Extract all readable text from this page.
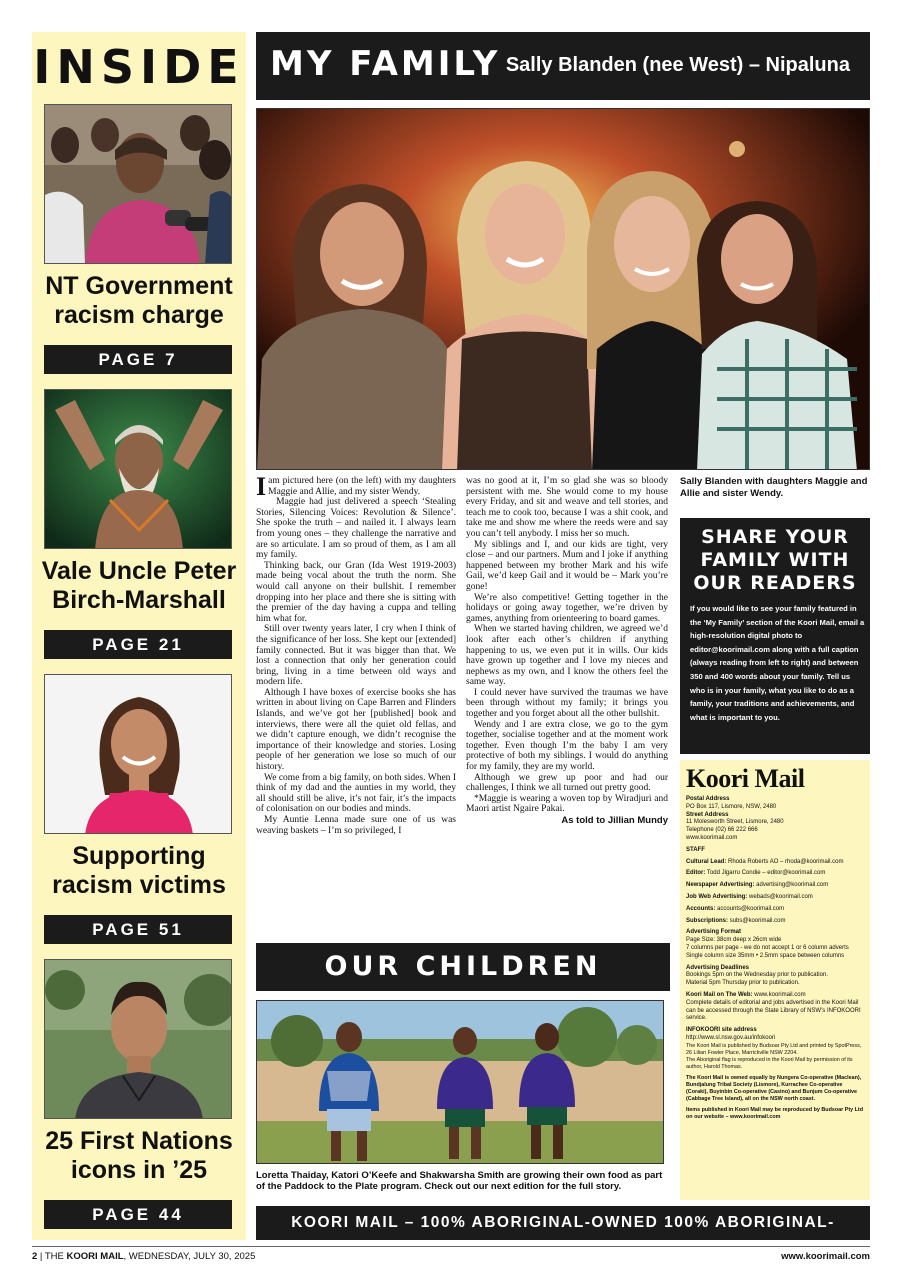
INSIDE
NT Government racism charge
PAGE 7
Vale Uncle Peter Birch-Marshall
PAGE 21
Supporting racism victims
PAGE 51
25 First Nations icons in ’25
PAGE 44
MY FAMILY Sally Blanden (nee West) – Nipaluna
Sally Blanden with daughters Maggie and Allie and sister Wendy.

Iam pictured here (on the left) with my daughters Maggie and Allie, and my sister Wendy.

Maggie had just delivered a speech ‘Stealing Stories, Silencing Voices: Revolution & Silence’. She spoke the truth – and nailed it. I always learn from young ones – they challenge the narrative and are so articulate. I am so proud of them, as I am all my family.

Thinking back, our Gran (Ida West 1919-2003) made being vocal about the truth the norm. She would call anyone on their bullshit. I remember dropping into her place and there she is sitting with the premier of the day having a cuppa and telling him what for.

Still over twenty years later, I cry when I think of the significance of her loss. She kept our [extended] family connected. But it was bigger than that. We lost a connection that only her generation could bring, living in a time between old ways and modern life.

Although I have boxes of exercise books she has written in about living on Cape Barren and Flinders Islands, and we’ve got her [published] book and interviews, there were all the quiet old fellas, and we didn’t capture enough, we didn’t recognise the importance of their knowledge and stories. Losing people of her generation we lose so much of our history.

We come from a big family, on both sides. When I think of my dad and the aunties in my world, they all should still be alive, it’s not fair, it’s the impacts of colonisation on our bodies and minds.

My Auntie Lenna made sure one of us was weaving baskets – I’m so privileged, I

was no good at it, I’m so glad she was so bloody persistent with me. She would come to my house every Friday, and sit and weave and tell stories, and teach me to cook too, because I was a shit cook, and take me and show me where the reeds were and say you can’t tell anybody. I miss her so much.

My siblings and I, and our kids are tight, very close – and our partners. Mum and I joke if anything happened between my brother Mark and his wife Gail, we’d keep Gail and it would be – Mark you’re gone!

We’re also competitive! Getting together in the holidays or going away together, we’re driven by games, anything from orienteering to board games.

When we started having children, we agreed we’d look after each other’s children if anything happening to us, we even put it in wills. Our kids have grown up together and I love my nieces and nephews as my own, and I know the others feel the same way.

I could never have survived the traumas we have been through without my family; it brings you together and you forget about all the other bullshit.

Wendy and I are extra close, we go to the gym together, socialise together and at the moment work together. Even though I’m the baby I am very protective of both my siblings. I would do anything for my family, they are my world.

Although we grew up poor and had our challenges, I think we all turned out pretty good.

*Maggie is wearing a woven top by Wiradjuri and Maori artist Ngaire Pakai.

As told to Jillian Mundy
SHARE YOUR FAMILY WITH OUR READERS
If you would like to see your family featured in the ‘My Family’ section of the Koori Mail, email a high-resolution digital photo to editor@koorimail.com along with a full caption (always reading from left to right) and between 350 and 400 words about your family. Tell us who is in your family, what you like to do as a family, your traditions and achievements, and what is important to you.
Koori Mail
Postal Address
PO Box 117, Lismore, NSW, 2480
Street Address
11 Molesworth Street, Lismore, 2480
Telephone (02) 66 222 666
www.koorimail.com
STAFF
Cultural Lead: Rhoda Roberts AO – rhoda@koorimail.com
Editor: Todd Jigarru Condie – editor@koorimail.com
Newspaper Advertising: advertising@koorimail.com
Job Web Advertising: webads@koorimail.com
Accounts: accounts@koorimail.com
Subscriptions: subs@koorimail.com
Advertising Format
Page Size: 38cm deep x 26cm wide
7 columns per page - we do not accept 1 or 6 column adverts
Single column size 35mm • 2.5mm space between columns
Advertising Deadlines
Bookings 5pm on the Wednesday prior to publication.
Material 5pm Thursday prior to publication.
Koori Mail on The Web: www.koorimail.com
Complete details of editorial and jobs advertised in the Koori Mail can be accessed through the State Library of NSW’s INFOKOORI service.
INFOKOORI site address
http://www.sl.nsw.gov.au/infokoori
The Koori Mail is published by Budsoar Pty Ltd and printed by SpotPress, 26 Lilian Fowler Place, Marrickville NSW 2204.
The Aboriginal flag is reproduced in the Koori Mail by permission of its author, Harold Thomas.
The Koori Mail is owned equally by Nungera Co-operative (Maclean), Bundjalung Tribal Society (Lismore), Kurrachee Co-operative (Coraki), Buyinbin Co-operative (Casino) and Bunjum Co-operative (Cabbage Tree Island), all on the NSW north coast.
Items published in Koori Mail may be reproduced by Budsoar Pty Ltd on our website – www.koorimail.com
OUR CHILDREN
Loretta Thaiday, Katori O’Keefe and Shakwarsha Smith are growing their own food as part of the Paddock to the Plate program. Check out our next edition for the full story.
KOORI MAIL – 100% ABORIGINAL-OWNED 100% ABORIGINAL-CONTROLLED
2 | THE KOORI MAIL, WEDNESDAY, JULY 30, 2025	www.koorimail.com
